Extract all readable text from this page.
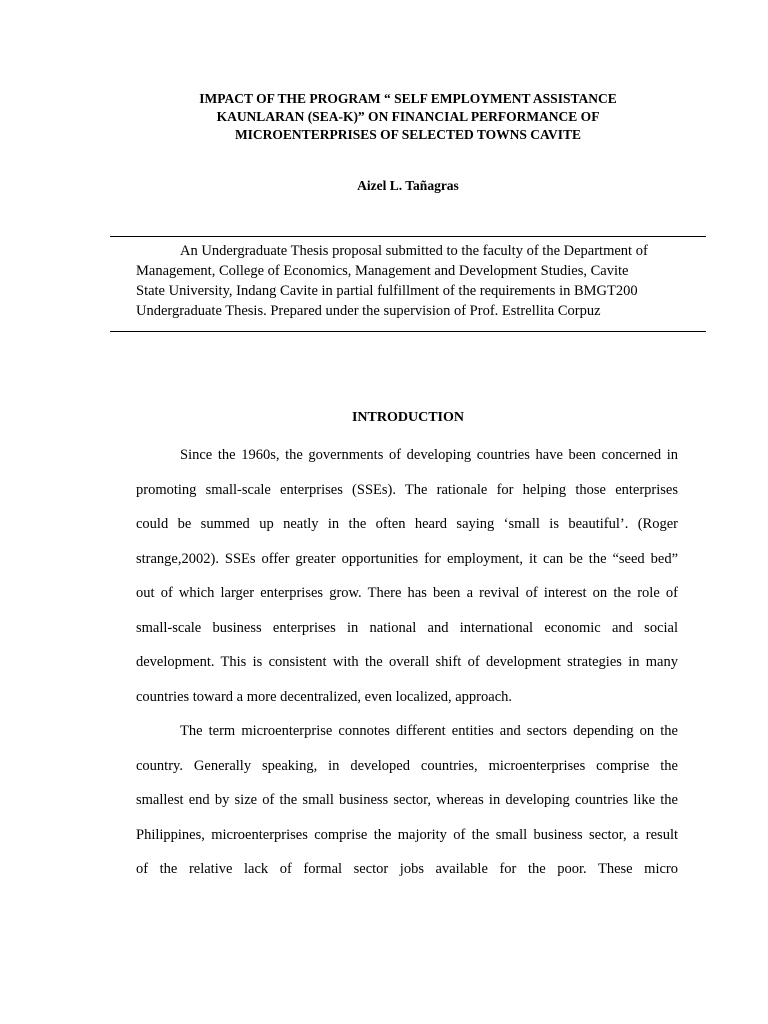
IMPACT OF THE PROGRAM “ SELF EMPLOYMENT ASSISTANCE
KAUNLARAN (SEA-K)” ON FINANCIAL PERFORMANCE OF
MICROENTERPRISES OF SELECTED TOWNS CAVITE
Aizel L. Tañagras
An Undergraduate Thesis proposal submitted to the faculty of the Department of
Management, College of Economics, Management and Development Studies, Cavite
State University, Indang Cavite in partial fulfillment of the requirements in BMGT200
Undergraduate Thesis. Prepared under the supervision of Prof. Estrellita Corpuz
INTRODUCTION
Since the 1960s, the governments of developing countries have been concerned in
promoting small-scale enterprises (SSEs). The rationale for helping those enterprises
could be summed up neatly in the often heard saying ‘small is beautiful’. (Roger
strange,2002). SSEs offer greater opportunities for employment, it can be the “seed bed”
out of which larger enterprises grow. There has been a revival of interest on the role of
small-scale business enterprises in national and international economic and social
development. This is consistent with the overall shift of development strategies in many
countries toward a more decentralized, even localized, approach.
The term microenterprise connotes different entities and sectors depending on the
country. Generally speaking, in developed countries, microenterprises comprise the
smallest end by size of the small business sector, whereas in developing countries like the
Philippines, microenterprises comprise the majority of the small business sector, a result
of the relative lack of formal sector jobs available for the poor. These micro
